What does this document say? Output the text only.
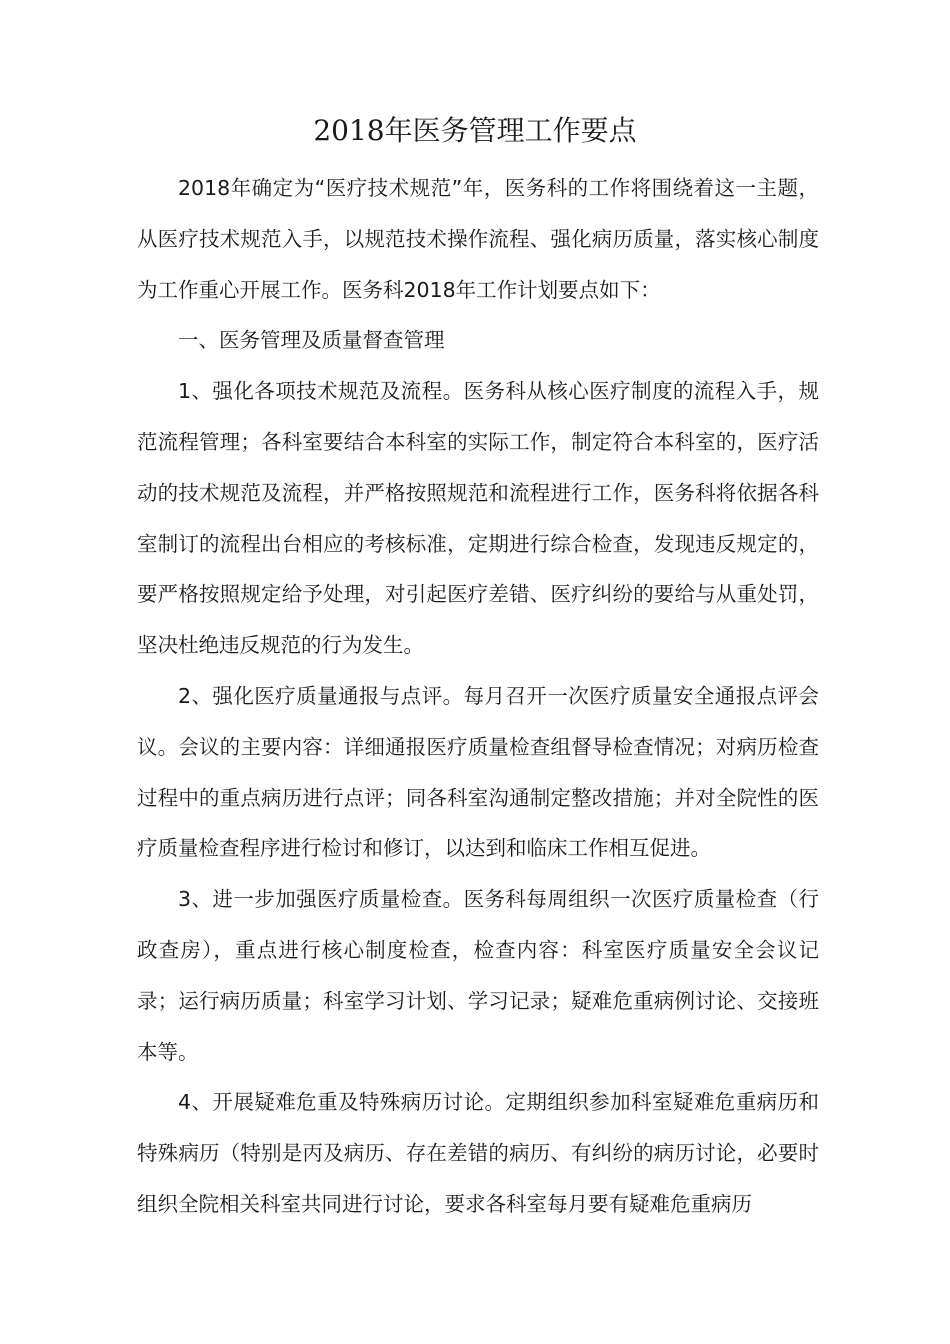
2018年医务管理工作要点

2018年确定为“医疗技术规范”年，医务科的工作将围绕着这一主题，从医疗技术规范入手，以规范技术操作流程、强化病历质量，落实核心制度为工作重心开展工作。医务科2018年工作计划要点如下：

一、医务管理及质量督查管理

1、强化各项技术规范及流程。医务科从核心医疗制度的流程入手，规范流程管理；各科室要结合本科室的实际工作，制定符合本科室的，医疗活动的技术规范及流程，并严格按照规范和流程进行工作，医务科将依据各科室制订的流程出台相应的考核标准，定期进行综合检查，发现违反规定的，要严格按照规定给予处理，对引起医疗差错、医疗纠纷的要给与从重处罚，坚决杜绝违反规范的行为发生。

2、强化医疗质量通报与点评。每月召开一次医疗质量安全通报点评会议。会议的主要内容：详细通报医疗质量检查组督导检查情况；对病历检查过程中的重点病历进行点评；同各科室沟通制定整改措施；并对全院性的医疗质量检查程序进行检讨和修订，以达到和临床工作相互促进。

3、进一步加强医疗质量检查。医务科每周组织一次医疗质量检查（行政查房），重点进行核心制度检查，检查内容：科室医疗质量安全会议记录；运行病历质量；科室学习计划、学习记录；疑难危重病例讨论、交接班本等。

4、开展疑难危重及特殊病历讨论。定期组织参加科室疑难危重病历和特殊病历（特别是丙及病历、存在差错的病历、有纠纷的病历讨论，必要时组织全院相关科室共同进行讨论，要求各科室每月要有疑难危重病历
